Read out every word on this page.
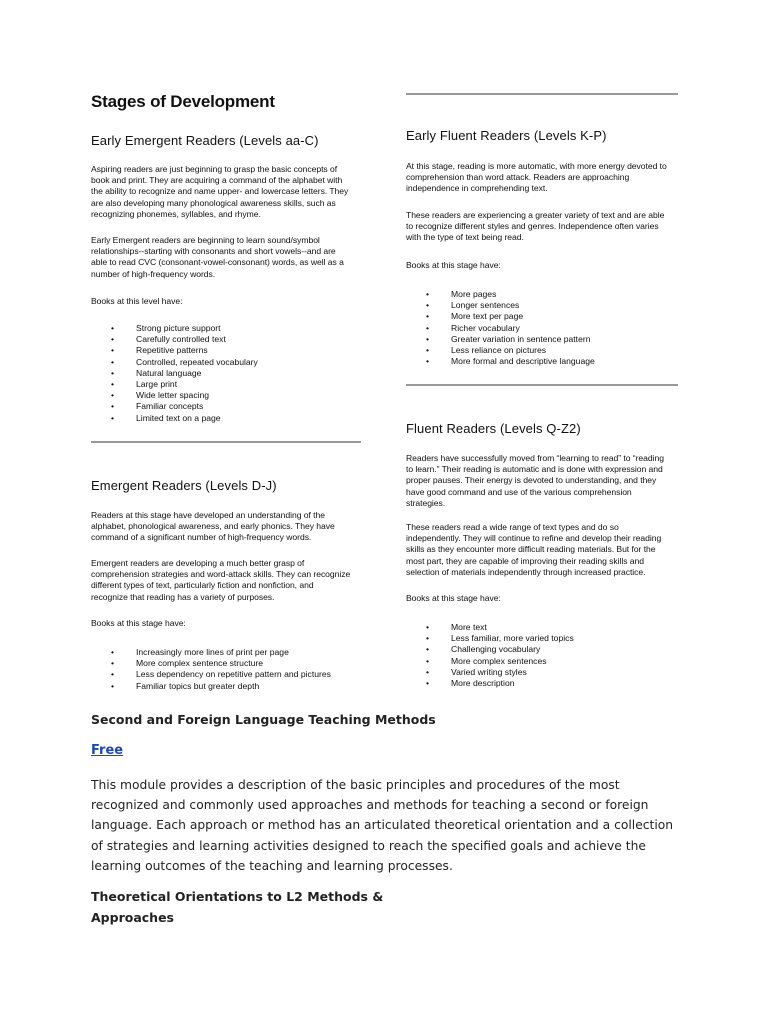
Stages of Development
Early Emergent Readers (Levels aa-C)
Aspiring readers are just beginning to grasp the basic concepts of
book and print. They are acquiring a command of the alphabet with
the ability to recognize and name upper- and lowercase letters. They
are also developing many phonological awareness skills, such as
recognizing phonemes, syllables, and rhyme.
Early Emergent readers are beginning to learn sound/symbol
relationships--starting with consonants and short vowels--and are
able to read CVC (consonant-vowel-consonant) words, as well as a
number of high-frequency words.
Books at this level have:
•	Strong picture support
•	Carefully controlled text
•	Repetitive patterns
•	Controlled, repeated vocabulary
•	Natural language
•	Large print
•	Wide letter spacing
•	Familiar concepts
•	Limited text on a page
Emergent Readers (Levels D-J)
Readers at this stage have developed an understanding of the
alphabet, phonological awareness, and early phonics. They have
command of a significant number of high-frequency words.
Emergent readers are developing a much better grasp of
comprehension strategies and word-attack skills. They can recognize
different types of text, particularly fiction and nonfiction, and
recognize that reading has a variety of purposes.
Books at this stage have:
•	Increasingly more lines of print per page
•	More complex sentence structure
•	Less dependency on repetitive pattern and pictures
•	Familiar topics but greater depth
Early Fluent Readers (Levels K-P)
At this stage, reading is more automatic, with more energy devoted to
comprehension than word attack. Readers are approaching
independence in comprehending text.
These readers are experiencing a greater variety of text and are able
to recognize different styles and genres. Independence often varies
with the type of text being read.
Books at this stage have:
•	More pages
•	Longer sentences
•	More text per page
•	Richer vocabulary
•	Greater variation in sentence pattern
•	Less reliance on pictures
•	More formal and descriptive language
Fluent Readers (Levels Q-Z2)
Readers have successfully moved from “learning to read” to “reading
to learn.” Their reading is automatic and is done with expression and
proper pauses. Their energy is devoted to understanding, and they
have good command and use of the various comprehension
strategies.
These readers read a wide range of text types and do so
independently. They will continue to refine and develop their reading
skills as they encounter more difficult reading materials. But for the
most part, they are capable of improving their reading skills and
selection of materials independently through increased practice.
Books at this stage have:
•	More text
•	Less familiar, more varied topics
•	Challenging vocabulary
•	More complex sentences
•	Varied writing styles
•	More description
Second and Foreign Language Teaching Methods
Free

This module provides a description of the basic principles and procedures of the most recognized and commonly used approaches and methods for teaching a second or foreign language. Each approach or method has an articulated theoretical orientation and a collection of strategies and learning activities designed to reach the specified goals and achieve the learning outcomes of the teaching and learning processes.

Theoretical Orientations to L2 Methods &
Approaches
